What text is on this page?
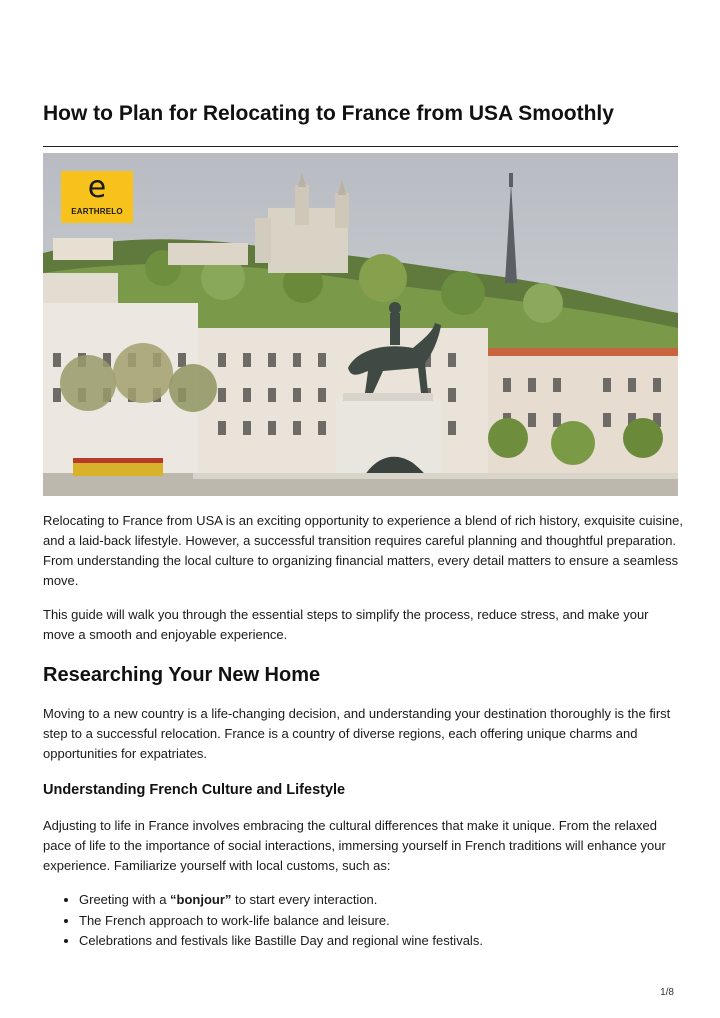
How to Plan for Relocating to France from USA Smoothly
e
EARTHRELO

Relocating to France from USA is an exciting opportunity to experience a blend of rich history, exquisite cuisine, and a laid-back lifestyle. However, a successful transition requires careful planning and thoughtful preparation. From understanding the local culture to organizing financial matters, every detail matters to ensure a seamless move.

This guide will walk you through the essential steps to simplify the process, reduce stress, and make your move a smooth and enjoyable experience.

Researching Your New Home

Moving to a new country is a life-changing decision, and understanding your destination thoroughly is the first step to a successful relocation. France is a country of diverse regions, each offering unique charms and opportunities for expatriates.

Understanding French Culture and Lifestyle

Adjusting to life in France involves embracing the cultural differences that make it unique. From the relaxed pace of life to the importance of social interactions, immersing yourself in French traditions will enhance your experience. Familiarize yourself with local customs, such as:

• Greeting with a “bonjour” to start every interaction.
• The French approach to work-life balance and leisure.
• Celebrations and festivals like Bastille Day and regional wine festivals.
1/8
